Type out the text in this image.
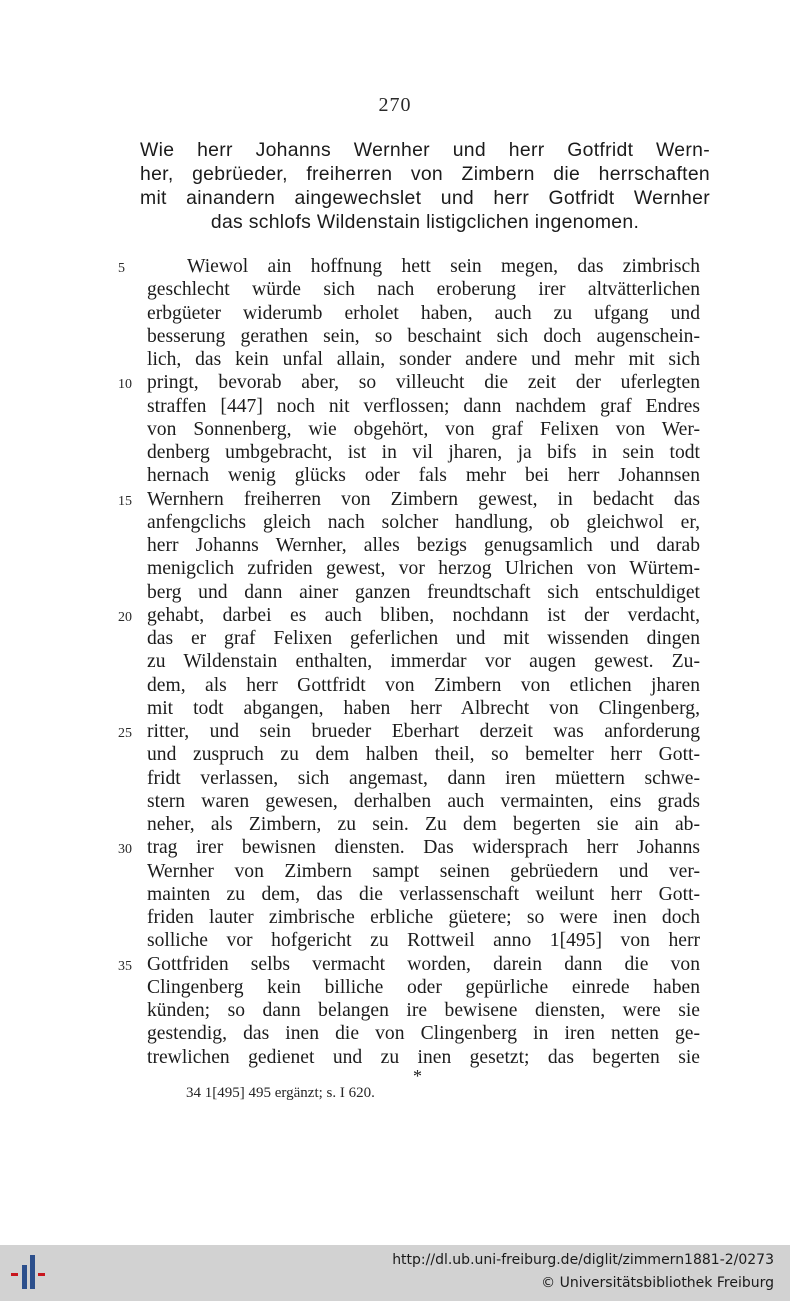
270
Wie herr Johanns Wernher und herr Gotfridt Wern-
her, gebrüeder, freiherren von Zimbern die herrschaften
mit ainandern aingewechslet und herr Gotfridt Wernher
das schlofs Wildenstain listigclichen ingenomen.
5
10
15
20
25
30
35
Wiewol ain hoffnung hett sein megen, das zimbrisch
geschlecht würde sich nach eroberung irer altvätterlichen
erbgüeter widerumb erholet haben, auch zu ufgang und
besserung gerathen sein, so beschaint sich doch augenschein-
lich, das kein unfal allain, sonder andere und mehr mit sich
pringt, bevorab aber, so villeucht die zeit der uferlegten
straffen [447] noch nit verflossen; dann nachdem graf Endres
von Sonnenberg, wie obgehört, von graf Felixen von Wer-
denberg umbgebracht, ist in vil jharen, ja bifs in sein todt
hernach wenig glücks oder fals mehr bei herr Johannsen
Wernhern freiherren von Zimbern gewest, in bedacht das
anfengclichs gleich nach solcher handlung, ob gleichwol er,
herr Johanns Wernher, alles bezigs genugsamlich und darab
menigclich zufriden gewest, vor herzog Ulrichen von Würtem-
berg und dann ainer ganzen freundtschaft sich entschuldiget
gehabt, darbei es auch bliben, nochdann ist der verdacht,
das er graf Felixen geferlichen und mit wissenden dingen
zu Wildenstain enthalten, immerdar vor augen gewest. Zu-
dem, als herr Gottfridt von Zimbern von etlichen jharen
mit todt abgangen, haben herr Albrecht von Clingenberg,
ritter, und sein brueder Eberhart derzeit was anforderung
und zuspruch zu dem halben theil, so bemelter herr Gott-
fridt verlassen, sich angemast, dann iren müettern schwe-
stern waren gewesen, derhalben auch vermainten, eins grads
neher, als Zimbern, zu sein. Zu dem begerten sie ain ab-
trag irer bewisnen diensten. Das widersprach herr Johanns
Wernher von Zimbern sampt seinen gebrüedern und ver-
mainten zu dem, das die verlassenschaft weilunt herr Gott-
friden lauter zimbrische erbliche güetere; so were inen doch
solliche vor hofgericht zu Rottweil anno 1[495] von herr
Gottfriden selbs vermacht worden, darein dann die von
Clingenberg kein billiche oder gepürliche einrede haben
künden; so dann belangen ire bewisene diensten, were sie
gestendig, das inen die von Clingenberg in iren netten ge-
trewlichen gedienet und zu inen gesetzt; das begerten sie
*
34 1[495] 495 ergänzt; s. I 620.
http://dl.ub.uni-freiburg.de/diglit/zimmern1881-2/0273
© Universitätsbibliothek Freiburg
